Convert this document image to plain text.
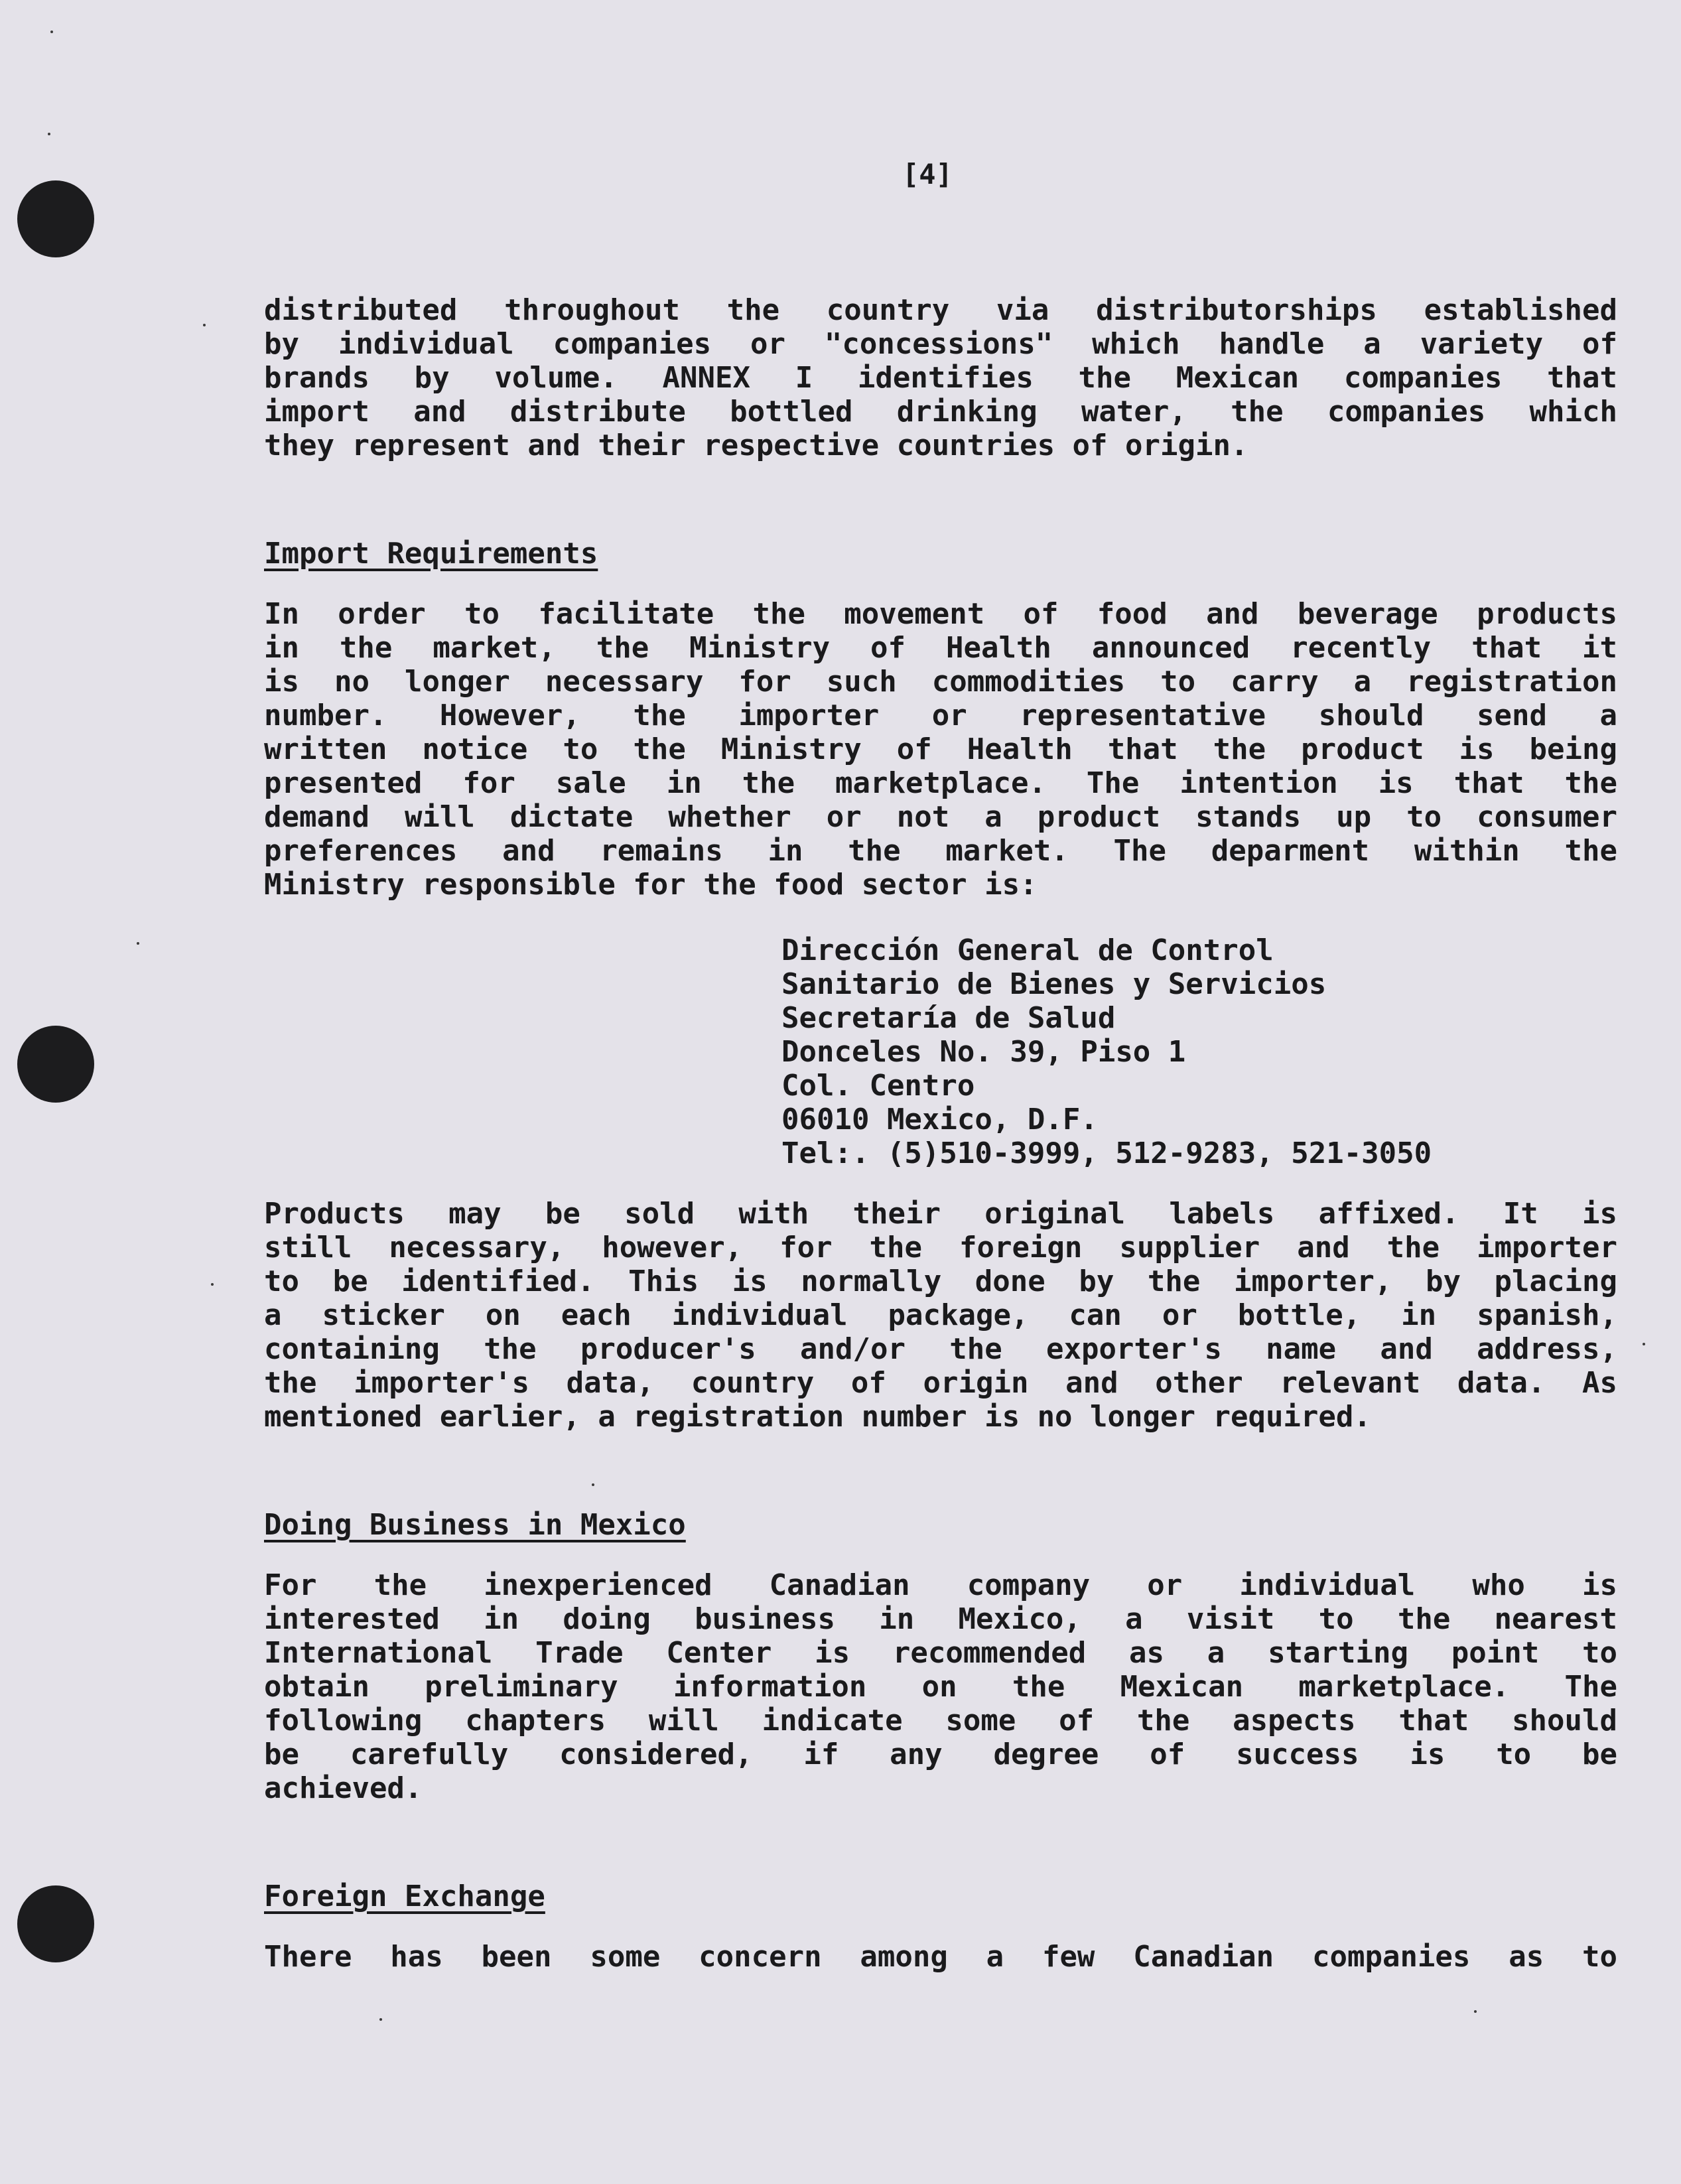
[4]
distributed throughout the country via distributorships established
by individual companies or "concessions" which handle a variety of
brands by volume. ANNEX I identifies the Mexican companies that
import and distribute bottled drinking water, the companies which
they represent and their respective countries of origin.
Import Requirements
In order to facilitate the movement of food and beverage products
in the market, the Ministry of Health announced recently that it
is no longer necessary for such commodities to carry a registration
number. However, the importer or representative should send a
written notice to the Ministry of Health that the product is being
presented for sale in the marketplace. The intention is that the
demand will dictate whether or not a product stands up to consumer
preferences and remains in the market. The deparment within the
Ministry responsible for the food sector is:
Dirección General de Control
Sanitario de Bienes y Servicios
Secretaría de Salud
Donceles No. 39, Piso 1
Col. Centro
06010 Mexico, D.F.
Tel:. (5)510-3999, 512-9283, 521-3050
Products may be sold with their original labels affixed. It is
still necessary, however, for the foreign supplier and the importer
to be identified. This is normally done by the importer, by placing
a sticker on each individual package, can or bottle, in spanish,
containing the producer's and/or the exporter's name and address,
the importer's data, country of origin and other relevant data. As
mentioned earlier, a registration number is no longer required.
Doing Business in Mexico
For the inexperienced Canadian company or individual who is
interested in doing business in Mexico, a visit to the nearest
International Trade Center is recommended as a starting point to
obtain preliminary information on the Mexican marketplace. The
following chapters will indicate some of the aspects that should
be carefully considered, if any degree of success is to be
achieved.
Foreign Exchange
There has been some concern among a few Canadian companies as to
